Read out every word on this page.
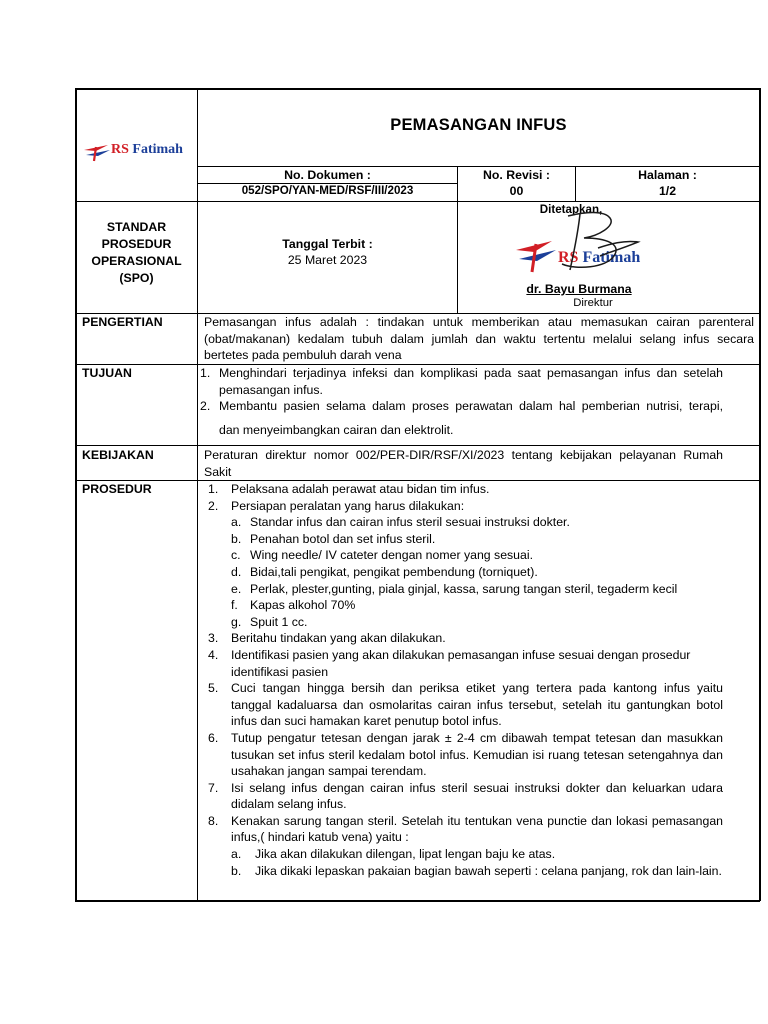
RS Fatimah
PEMASANGAN INFUS
No. Dokumen :
052/SPO/YAN-MED/RSF/III/2023
No. Revisi :
00
Halaman :
1/2
STANDAR
PROSEDUR
OPERASIONAL
(SPO)
Tanggal Terbit :
25 Maret 2023
Ditetapkan,
RS Fatimah
dr. Bayu Burmana
Direktur
PENGERTIAN	Pemasangan infus adalah : tindakan untuk memberikan atau memasukan cairan parenteral (obat/makanan) kedalam tubuh dalam jumlah dan waktu tertentu melalui selang infus secara bertetes pada pembuluh darah vena
TUJUAN	1. Menghindari terjadinya infeksi dan komplikasi pada saat pemasangan infus dan setelah pemasangan infus.
2. Membantu pasien selama dalam proses perawatan dalam hal pemberian nutrisi, terapi,
dan menyeimbangkan cairan dan elektrolit.
KEBIJAKAN	Peraturan direktur nomor 002/PER-DIR/RSF/XI/2023 tentang kebijakan pelayanan Rumah Sakit
PROSEDUR	1. Pelaksana adalah perawat atau bidan tim infus.
2. Persiapan peralatan yang harus dilakukan:
a. Standar infus dan cairan infus steril sesuai instruksi dokter.
b. Penahan botol dan set infus steril.
c. Wing needle/ IV cateter dengan nomer yang sesuai.
d. Bidai,tali pengikat, pengikat pembendung (torniquet).
e. Perlak, plester,gunting, piala ginjal, kassa, sarung tangan steril, tegaderm kecil
f. Kapas alkohol 70%
g. Spuit 1 cc.
3. Beritahu tindakan yang akan dilakukan.
4. Identifikasi pasien yang akan dilakukan pemasangan infuse sesuai dengan prosedur identifikasi pasien
5. Cuci tangan hingga bersih dan periksa etiket yang tertera pada kantong infus yaitu tanggal kadaluarsa dan osmolaritas cairan infus tersebut, setelah itu gantungkan botol infus dan suci hamakan karet penutup botol infus.
6. Tutup pengatur tetesan dengan jarak ± 2-4 cm dibawah tempat tetesan dan masukkan tusukan set infus steril kedalam botol infus. Kemudian isi ruang tetesan setengahnya dan usahakan jangan sampai terendam.
7. Isi selang infus dengan cairan infus steril sesuai instruksi dokter dan keluarkan udara didalam selang infus.
8. Kenakan sarung tangan steril. Setelah itu tentukan vena punctie dan lokasi pemasangan infus,( hindari katub vena) yaitu :
a. Jika akan dilakukan dilengan, lipat lengan baju ke atas.
b. Jika dikaki lepaskan pakaian bagian bawah seperti : celana panjang, rok dan lain-lain.
